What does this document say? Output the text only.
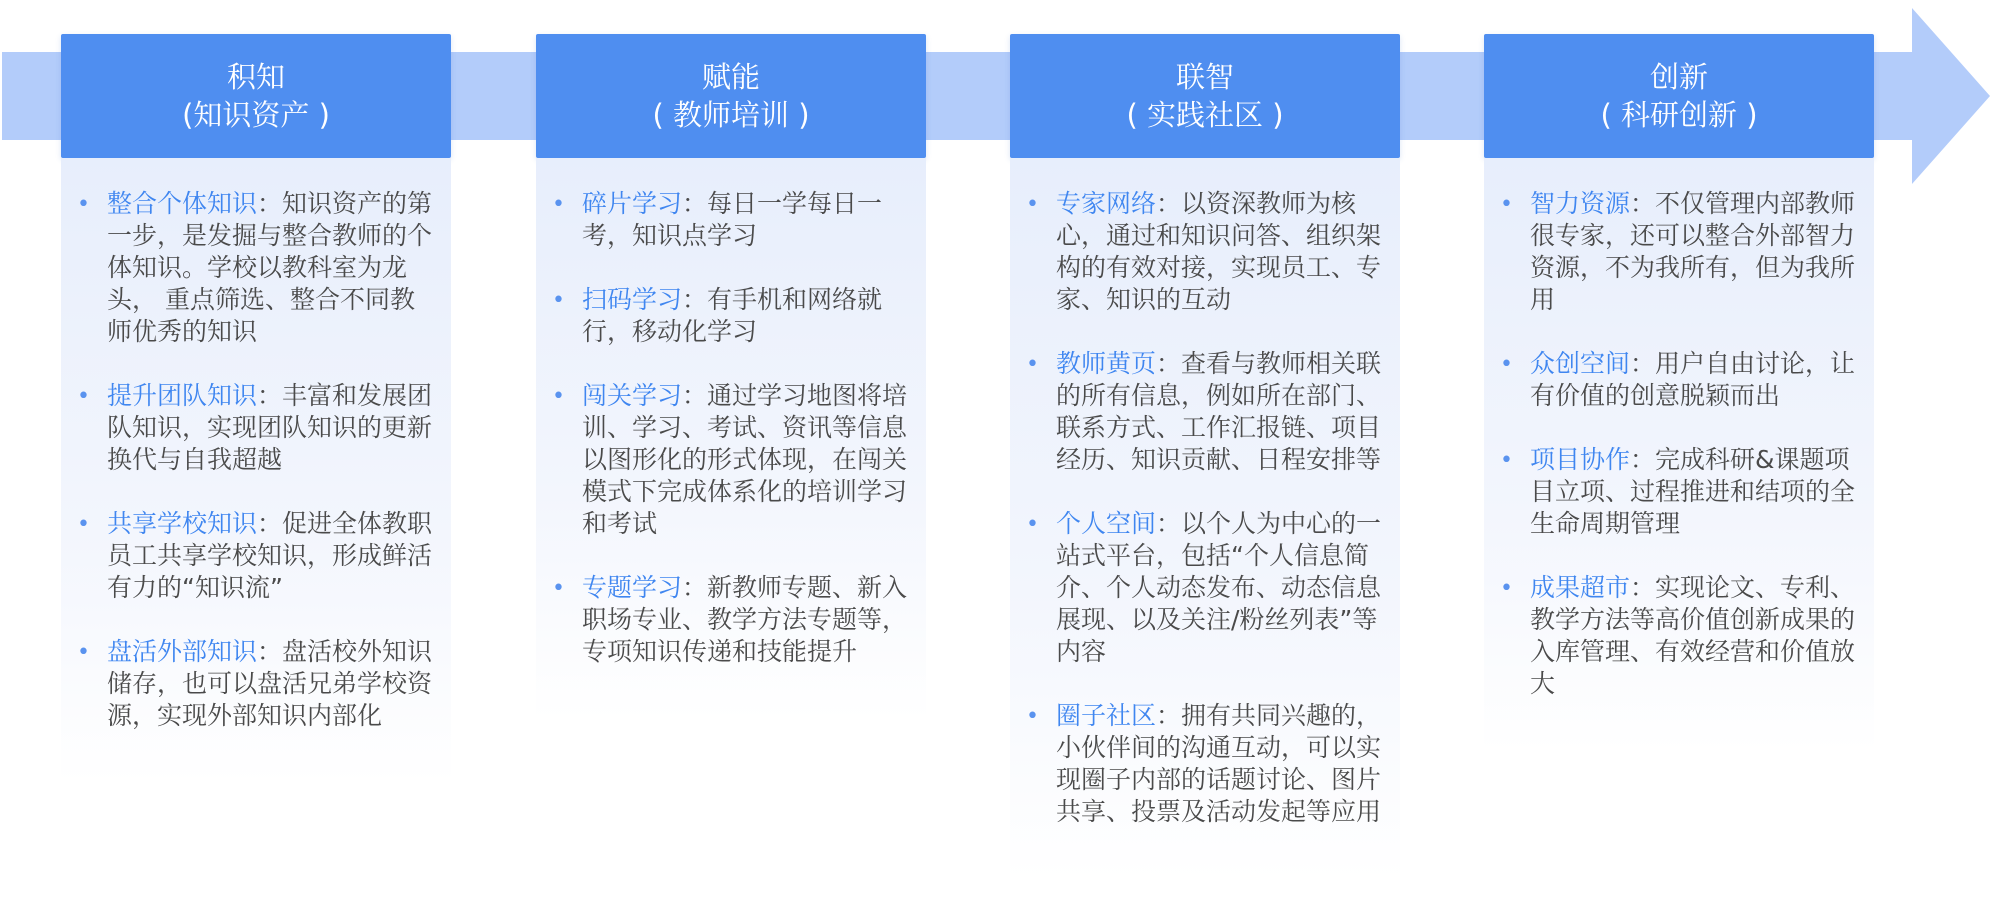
积知
(知识资产 )
• 整合个体知识：知识资产的第一步，是发掘与整合教师的个体知识。学校以教科室为龙头， 重点筛选、整合不同教师优秀的知识
• 提升团队知识：丰富和发展团队知识，实现团队知识的更新换代与自我超越
• 共享学校知识：促进全体教职员工共享学校知识，形成鲜活有力的“知识流”
• 盘活外部知识：盘活校外知识储存，也可以盘活兄弟学校资源，实现外部知识内部化
赋能
( 教师培训 )
• 碎片学习：每日一学每日一考，知识点学习
• 扫码学习：有手机和网络就行，移动化学习
• 闯关学习：通过学习地图将培训、学习、考试、资讯等信息以图形化的形式体现，在闯关模式下完成体系化的培训学习和考试
• 专题学习：新教师专题、新入职场专业、教学方法专题等，专项知识传递和技能提升
联智
( 实践社区 )
• 专家网络：以资深教师为核心，通过和知识问答、组织架构的有效对接，实现员工、专家、知识的互动
• 教师黄页：查看与教师相关联的所有信息，例如所在部门、联系方式、工作汇报链、项目经历、知识贡献、日程安排等
• 个人空间：以个人为中心的一站式平台，包括“个人信息简介、个人动态发布、动态信息展现、以及关注/粉丝列表”等内容
• 圈子社区：拥有共同兴趣的，小伙伴间的沟通互动，可以实现圈子内部的话题讨论、图片共享、投票及活动发起等应用
创新
( 科研创新 )
• 智力资源：不仅管理内部教师很专家，还可以整合外部智力资源，不为我所有，但为我所用
• 众创空间：用户自由讨论，让有价值的创意脱颖而出
• 项目协作：完成科研&课题项目立项、过程推进和结项的全生命周期管理
• 成果超市：实现论文、专利、教学方法等高价值创新成果的入库管理、有效经营和价值放大
